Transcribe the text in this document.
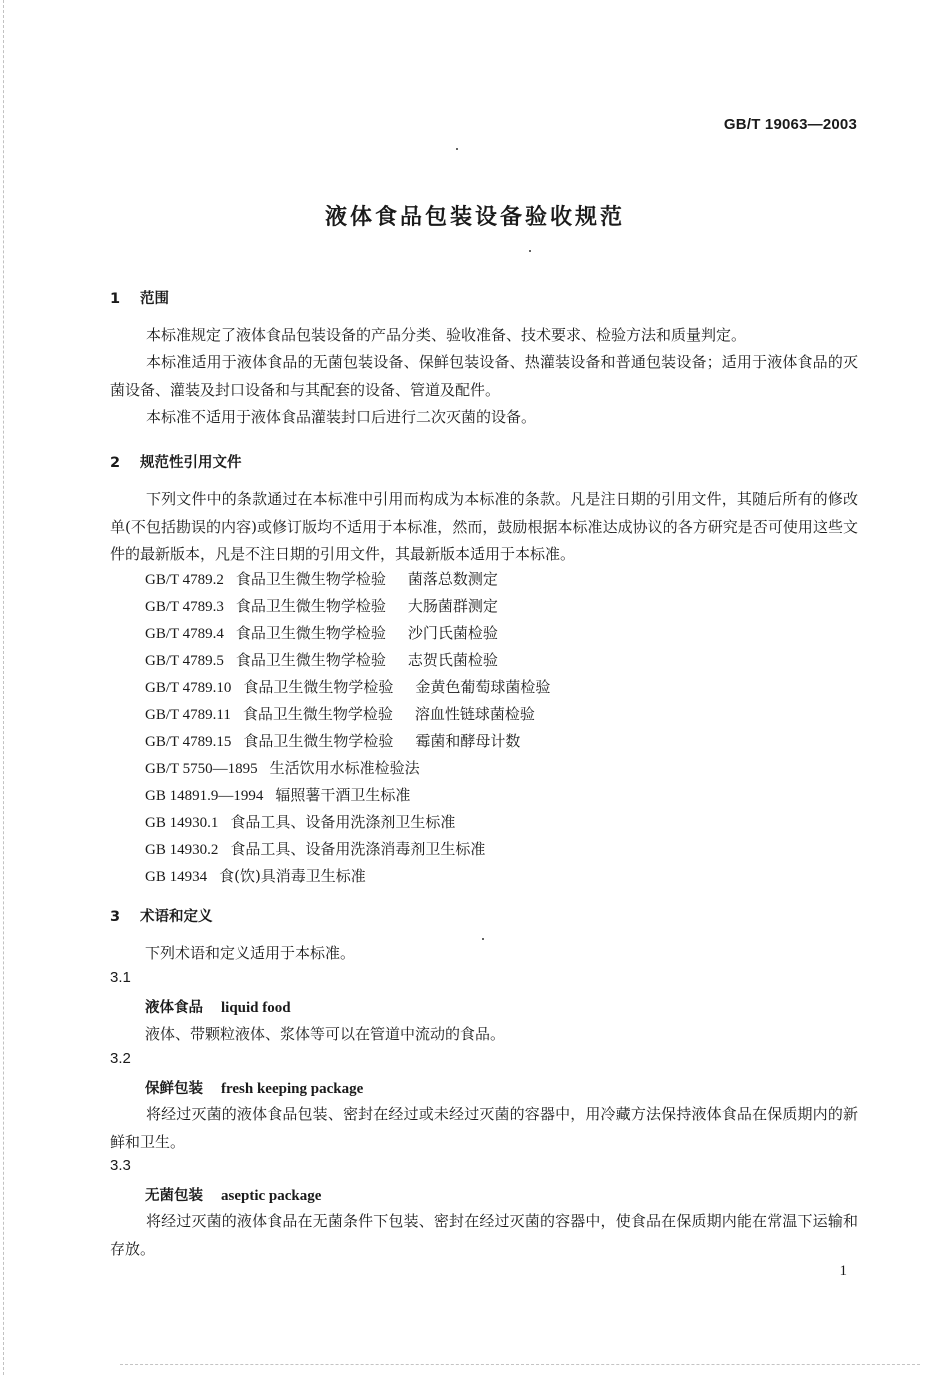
GB/T 19063—2003
液体食品包装设备验收规范
1 范围

本标准规定了液体食品包装设备的产品分类、验收准备、技术要求、检验方法和质量判定。

本标准适用于液体食品的无菌包装设备、保鲜包装设备、热灌装设备和普通包装设备；适用于液体食品的灭菌设备、灌装及封口设备和与其配套的设备、管道及配件。

本标准不适用于液体食品灌装封口后进行二次灭菌的设备。

2 规范性引用文件

下列文件中的条款通过在本标准中引用而构成为本标准的条款。凡是注日期的引用文件，其随后所有的修改单(不包括勘误的内容)或修订版均不适用于本标准，然而，鼓励根据本标准达成协议的各方研究是否可使用这些文件的最新版本，凡是不注日期的引用文件，其最新版本适用于本标准。

GB/T 4789.2 食品卫生微生物学检验 菌落总数测定
GB/T 4789.3 食品卫生微生物学检验 大肠菌群测定
GB/T 4789.4 食品卫生微生物学检验 沙门氏菌检验
GB/T 4789.5 食品卫生微生物学检验 志贺氏菌检验
GB/T 4789.10 食品卫生微生物学检验 金黄色葡萄球菌检验
GB/T 4789.11 食品卫生微生物学检验 溶血性链球菌检验
GB/T 4789.15 食品卫生微生物学检验 霉菌和酵母计数
GB/T 5750—1895 生活饮用水标准检验法
GB 14891.9—1994 辐照薯干酒卫生标准
GB 14930.1 食品工具、设备用洗涤剂卫生标准
GB 14930.2 食品工具、设备用洗涤消毒剂卫生标准
GB 14934 食(饮)具消毒卫生标准
3 术语和定义
下列术语和定义适用于本标准。
3.1
液体食品 liquid food
液体、带颗粒液体、浆体等可以在管道中流动的食品。
3.2
保鲜包装 fresh keeping package

将经过灭菌的液体食品包装、密封在经过或未经过灭菌的容器中，用冷藏方法保持液体食品在保质期内的新鲜和卫生。

3.3
无菌包装 aseptic package

将经过灭菌的液体食品在无菌条件下包装、密封在经过灭菌的容器中，使食品在保质期内能在常温下运输和存放。

1
